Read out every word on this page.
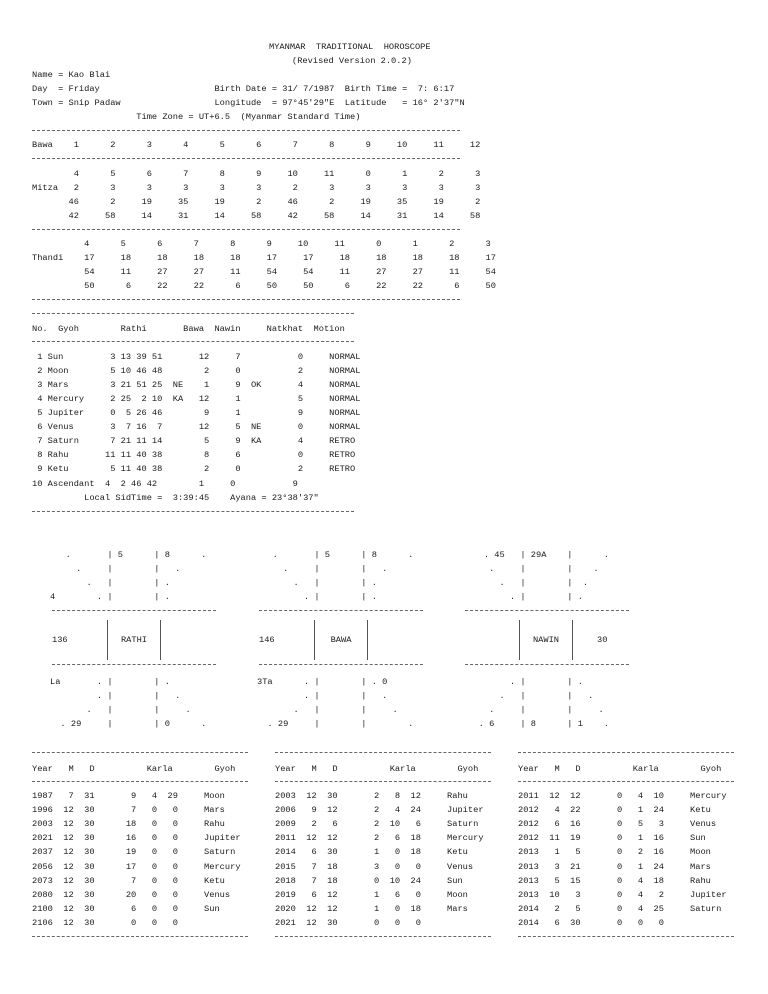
MYANMAR  TRADITIONAL  HOROSCOPE
(Revised Version 2.0.2)
Name = Kao Blai
Day  = Friday                      Birth Date = 31/ 7/1987  Birth Time =  7: 6:17
Town = Snip Padaw                  Longitude  = 97°45'29"E  Latitude   = 16° 2'37"N
Time Zone = UT+6.5  (Myanmar Standard Time)
Bawa    1      2      3      4      5      6      7      8      9     10     11     12
4      5      6      7      8      9     10     11      0      1      2      3
Mitza   2      3      3      3      3      3      2      3      3      3      3      3
46      2     19     35     19      2     46      2     19     35     19      2
42     58     14     31     14     58     42     58     14     31     14     58
4      5      6      7      8      9     10     11      0      1      2      3
Thandi    17     18     18     18     18     17     17     18     18     18     18     17
54     11     27     27     11     54     54     11     27     27     11     54
50      6     22     22      6     50     50      6     22     22      6     50
No.  Gyoh        Rathi       Bawa  Nawin     Natkhat  Motion
1 Sun         3 13 39 51       12     7           0     NORMAL
2 Moon        5 10 46 48        2     0           2     NORMAL
3 Mars        3 21 51 25  NE    1     9  OK       4     NORMAL
4 Mercury     2 25  2 10  KA   12     1           5     NORMAL
5 Jupiter     0  5 26 46        9     1           9     NORMAL
6 Venus       3  7 16  7       12     5  NE       0     NORMAL
7 Saturn      7 21 11 14        5     9  KA       4     RETRO
8 Rahu       11 11 40 38        8     6           0     RETRO
9 Ketu        5 11 40 38        2     0           2     RETRO
10 Ascendant  4  2 46 42        1     0           9
Local SidTime =  3:39:45    Ayana = 23°38'37"
.       | 5      | 8      .
.     |        |   .
.   |        | .
4        . |        | .
136	RATHI
La       . |        | .
. |        |   .
.   |        |     .
. 29     |        | 0      .
.       | 5      | 8      .
.     |        |   .
.   |        | .
. |        | .
146	BAWA
3Ta      . |        | . 0
. |        |   .
.   |        |     .
. 29     |        |        .
. 45   | 29A    |      .
.     |        |    .
.   |        |  .
. |        | .
NAWIN	30
. |        | .
.   |        |   .
.     |        |     .
. 6     | 8      | 1    .
Year   M   D          Karla        Gyoh
1987   7  31       9   4  29     Moon
1996  12  30       7   0   0     Mars
2003  12  30      18   0   0     Rahu
2021  12  30      16   0   0     Jupiter
2037  12  30      19   0   0     Saturn
2056  12  30      17   0   0     Mercury
2073  12  30       7   0   0     Ketu
2080  12  30      20   0   0     Venus
2100  12  30       6   0   0     Sun
2106  12  30       0   0   0
Year   M   D          Karla        Gyoh
2003  12  30       2   8  12     Rahu
2006   9  12       2   4  24     Jupiter
2009   2   6       2  10   6     Saturn
2011  12  12       2   6  18     Mercury
2014   6  30       1   0  18     Ketu
2015   7  18       3   0   0     Venus
2018   7  18       0  10  24     Sun
2019   6  12       1   6   0     Moon
2020  12  12       1   0  18     Mars
2021  12  30       0   0   0
Year   M   D          Karla        Gyoh
2011  12  12       0   4  10     Mercury
2012   4  22       0   1  24     Ketu
2012   6  16       0   5   3     Venus
2012  11  19       0   1  16     Sun
2013   1   5       0   2  16     Moon
2013   3  21       0   1  24     Mars
2013   5  15       0   4  18     Rahu
2013  10   3       0   4   2     Jupiter
2014   2   5       0   4  25     Saturn
2014   6  30       0   0   0
